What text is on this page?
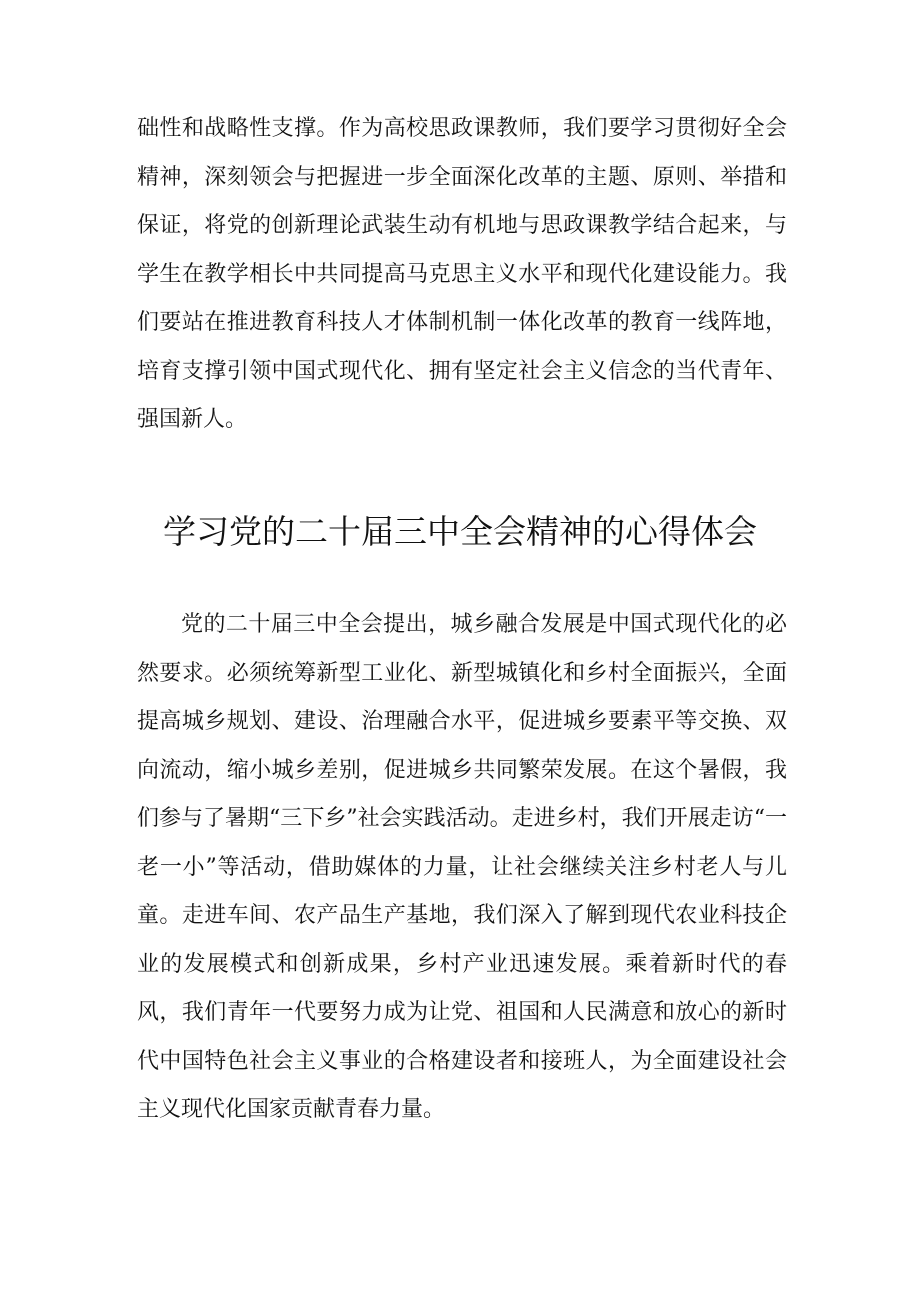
础性和战略性支撑。作为高校思政课教师，我们要学习贯彻好全会精神，深刻领会与把握进一步全面深化改革的主题、原则、举措和保证，将党的创新理论武装生动有机地与思政课教学结合起来，与学生在教学相长中共同提高马克思主义水平和现代化建设能力。我们要站在推进教育科技人才体制机制一体化改革的教育一线阵地，培育支撑引领中国式现代化、拥有坚定社会主义信念的当代青年、强国新人。

学习党的二十届三中全会精神的心得体会

党的二十届三中全会提出，城乡融合发展是中国式现代化的必然要求。必须统筹新型工业化、新型城镇化和乡村全面振兴，全面提高城乡规划、建设、治理融合水平，促进城乡要素平等交换、双向流动，缩小城乡差别，促进城乡共同繁荣发展。在这个暑假，我们参与了暑期“三下乡”社会实践活动。走进乡村，我们开展走访“一老一小”等活动，借助媒体的力量，让社会继续关注乡村老人与儿童。走进车间、农产品生产基地，我们深入了解到现代农业科技企业的发展模式和创新成果，乡村产业迅速发展。乘着新时代的春风，我们青年一代要努力成为让党、祖国和人民满意和放心的新时代中国特色社会主义事业的合格建设者和接班人，为全面建设社会主义现代化国家贡献青春力量。
